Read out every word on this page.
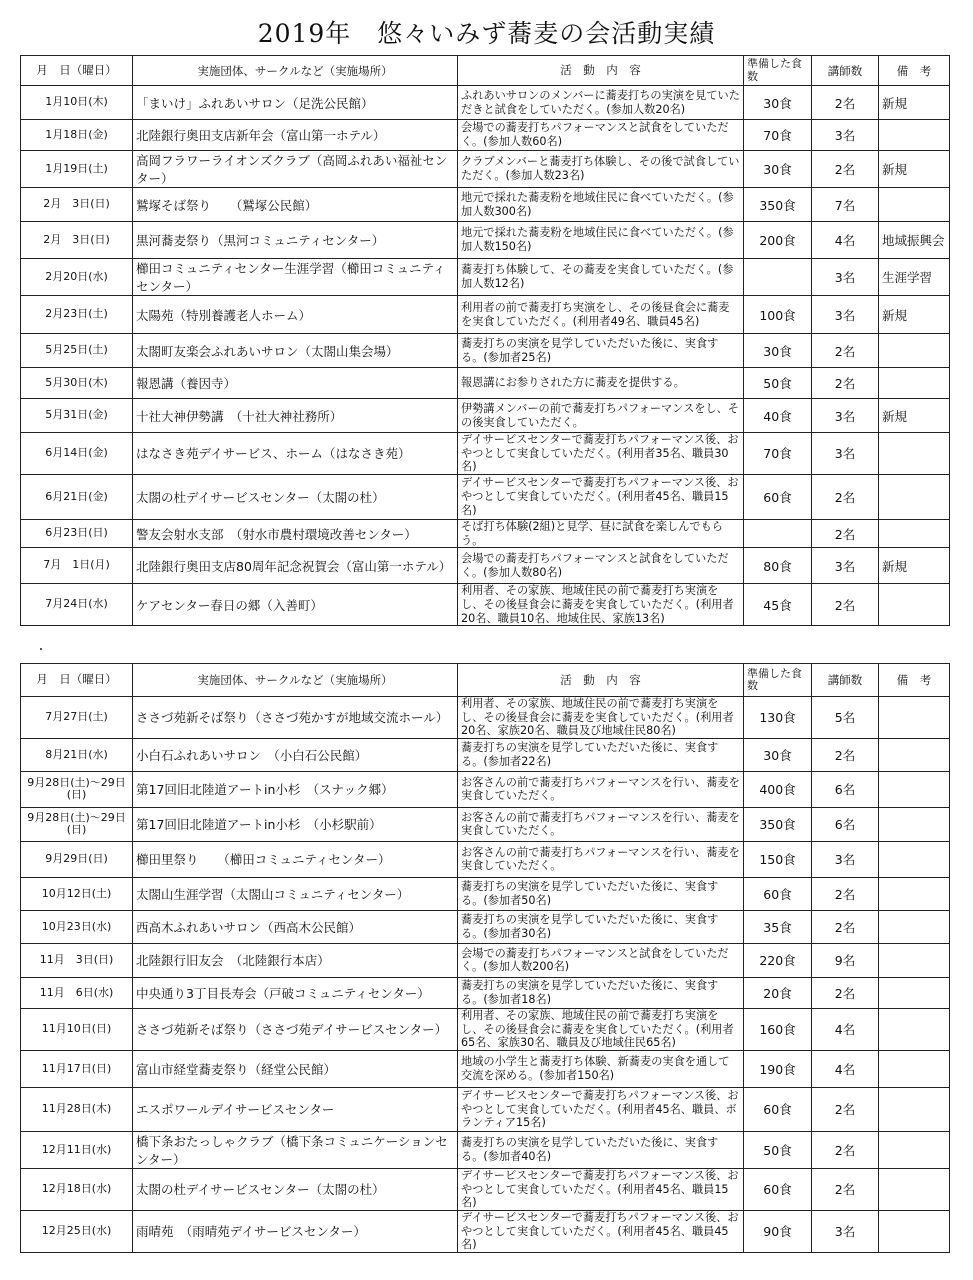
2019年　悠々いみず蕎麦の会活動実績
月　日（曜日）	実施団体、サークルなど（実施場所）	活　動　内　容	準備した食数	講師数	備　考
1月10日(木)	「まいけ」ふれあいサロン（足洗公民館）	ふれあいサロンのメンバーに蕎麦打ちの実演を見ていただきと試食をしていただく。(参加人数20名)	30食	2名	新規
1月18日(金)	北陸銀行奥田支店新年会（富山第一ホテル）	会場での蕎麦打ちパフォーマンスと試食をしていただく。(参加人数60名)	70食	3名	
1月19日(土)	高岡フラワーライオンズクラブ（高岡ふれあい福祉センター）	クラブメンバーと蕎麦打ち体験し、その後で試食していただく。(参加人数23名)	30食	2名	新規
2月　3日(日)	鷲塚そば祭り　　（鷲塚公民館）	地元で採れた蕎麦粉を地域住民に食べていただく。(参加人数300名)	350食	7名	
2月　3日(日)	黒河蕎麦祭り（黒河コミュニティセンター）	地元で採れた蕎麦粉を地域住民に食べていただく。(参加人数150名)	200食	4名	地域振興会
2月20日(水)	櫛田コミュニティセンター生涯学習（櫛田コミュニティセンター）	蕎麦打ち体験して、その蕎麦を実食していただく。(参加人数12名)		3名	生涯学習
2月23日(土)	太陽苑（特別養護老人ホーム）	利用者の前で蕎麦打ち実演をし、その後昼食会に蕎麦を実食していただく。(利用者49名、職員45名)	100食	3名	新規
5月25日(土)	太閤町友楽会ふれあいサロン（太閤山集会場）	蕎麦打ちの実演を見学していただいた後に、実食する。(参加者25名)	30食	2名	
5月30日(木)	報恩講（養因寺）	報恩講にお参りされた方に蕎麦を提供する。	50食	2名	
5月31日(金)	十社大神伊勢講　（十社大神社務所）	伊勢講メンバーの前で蕎麦打ちパフォーマンスをし、その後実食していただく。	40食	3名	新規
6月14日(金)	はなさき苑デイサービス、ホーム（はなさき苑）	デイサービスセンターで蕎麦打ちパフォーマンス後、おやつとして実食していただく。(利用者35名、職員30名)	70食	3名	
6月21日(金)	太閤の杜デイサービスセンター（太閤の杜）	デイサービスセンターで蕎麦打ちパフォーマンス後、おやつとして実食していただく。(利用者45名、職員15名)	60食	2名	
6月23日(日)	警友会射水支部　（射水市農村環境改善センター）	そば打ち体験(2組)と見学、昼に試食を楽しんでもらう。		2名	
7月　1日(月)	北陸銀行奥田支店80周年記念祝賀会（富山第一ホテル）	会場での蕎麦打ちパフォーマンスと試食をしていただく。(参加人数80名)	80食	3名	新規
7月24日(水)	ケアセンター春日の郷（入善町）	利用者、その家族、地域住民の前で蕎麦打ち実演をし、その後昼食会に蕎麦を実食していただく。(利用者20名、職員10名、地域住民、家族13名)	45食	2名	
月　日（曜日）	実施団体、サークルなど（実施場所）	活　動　内　容	準備した食数	講師数	備　考
7月27日(土)	ささづ苑新そば祭り（ささづ苑かすが地域交流ホール）	利用者、その家族、地域住民の前で蕎麦打ち実演をし、その後昼食会に蕎麦を実食していただく。(利用者20名、家族20名、職員及び地域住民80名)	130食	5名	
8月21日(水)	小白石ふれあいサロン　（小白石公民館）	蕎麦打ちの実演を見学していただいた後に、実食する。(参加者22名)	30食	2名	
9月28日(土)～29日(日)	第17回旧北陸道アートin小杉　（スナック郷）	お客さんの前で蕎麦打ちパフォーマンスを行い、蕎麦を実食していただく。	400食	6名	
9月28日(土)～29日(日)	第17回旧北陸道アートin小杉　（小杉駅前）	お客さんの前で蕎麦打ちパフォーマンスを行い、蕎麦を実食していただく。	350食	6名	
9月29日(日)	櫛田里祭り　　（櫛田コミュニティセンター）	お客さんの前で蕎麦打ちパフォーマンスを行い、蕎麦を実食していただく。	150食	3名	
10月12日(土)	太閤山生涯学習（太閤山コミュニティセンター）	蕎麦打ちの実演を見学していただいた後に、実食する。(参加者50名)	60食	2名	
10月23日(水)	西高木ふれあいサロン（西高木公民館）	蕎麦打ちの実演を見学していただいた後に、実食する。(参加者30名)	35食	2名	
11月　3日(日)	北陸銀行旧友会　（北陸銀行本店）	会場での蕎麦打ちパフォーマンスと試食をしていただく。(参加人数200名)	220食	9名	
11月　6日(水)	中央通り3丁目長寿会（戸破コミュニティセンター）	蕎麦打ちの実演を見学していただいた後に、実食する。(参加者18名)	20食	2名	
11月10日(日)	ささづ苑新そば祭り（ささづ苑デイサービスセンター）	利用者、その家族、地域住民の前で蕎麦打ち実演をし、その後昼食会に蕎麦を実食していただく。(利用者65名、家族30名、職員及び地域住民65名)	160食	4名	
11月17日(日)	富山市経堂蕎麦祭り（経堂公民館）	地域の小学生と蕎麦打ち体験、新蕎麦の実食を通して交流を深める。(参加者150名)	190食	4名	
11月28日(木)	エスポワールデイサービスセンター	デイサービスセンターで蕎麦打ちパフォーマンス後、おやつとして実食していただく。(利用者45名、職員、ボランティア15名)	60食	2名	
12月11日(水)	橋下条おたっしゃクラブ（橋下条コミュニケーションセンター）	蕎麦打ちの実演を見学していただいた後に、実食する。(参加者40名)	50食	2名	
12月18日(水)	太閤の杜デイサービスセンター（太閤の杜）	デイサービスセンターで蕎麦打ちパフォーマンス後、おやつとして実食していただく。(利用者45名、職員15名)	60食	2名	
12月25日(水)	雨晴苑　（雨晴苑デイサービスセンター）	デイサービスセンターで蕎麦打ちパフォーマンス後、おやつとして実食していただく。(利用者45名、職員45名)	90食	3名	
